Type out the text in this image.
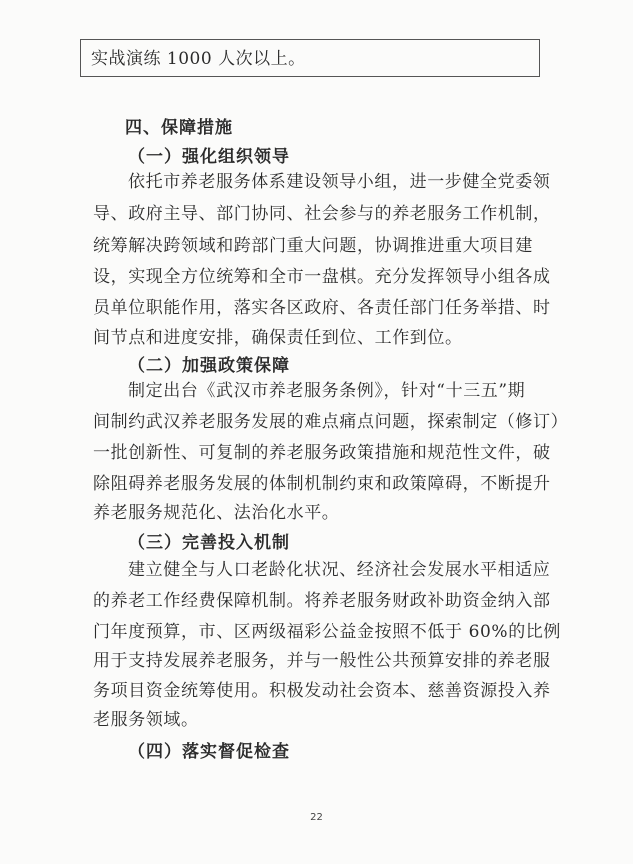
实战演练 1000 人次以上。
四、保障措施
（一）强化组织领导
依托市养老服务体系建设领导小组，进一步健全党委领
导、政府主导、部门协同、社会参与的养老服务工作机制，
统筹解决跨领域和跨部门重大问题，协调推进重大项目建
设，实现全方位统筹和全市一盘棋。充分发挥领导小组各成
员单位职能作用，落实各区政府、各责任部门任务举措、时
间节点和进度安排，确保责任到位、工作到位。
（二）加强政策保障
制定出台《武汉市养老服务条例》，针对“十三五”期
间制约武汉养老服务发展的难点痛点问题，探索制定（修订）
一批创新性、可复制的养老服务政策措施和规范性文件，破
除阻碍养老服务发展的体制机制约束和政策障碍，不断提升
养老服务规范化、法治化水平。
（三）完善投入机制
建立健全与人口老龄化状况、经济社会发展水平相适应
的养老工作经费保障机制。将养老服务财政补助资金纳入部
门年度预算，市、区两级福彩公益金按照不低于 60%的比例
用于支持发展养老服务，并与一般性公共预算安排的养老服
务项目资金统筹使用。积极发动社会资本、慈善资源投入养
老服务领域。
（四）落实督促检查
22
